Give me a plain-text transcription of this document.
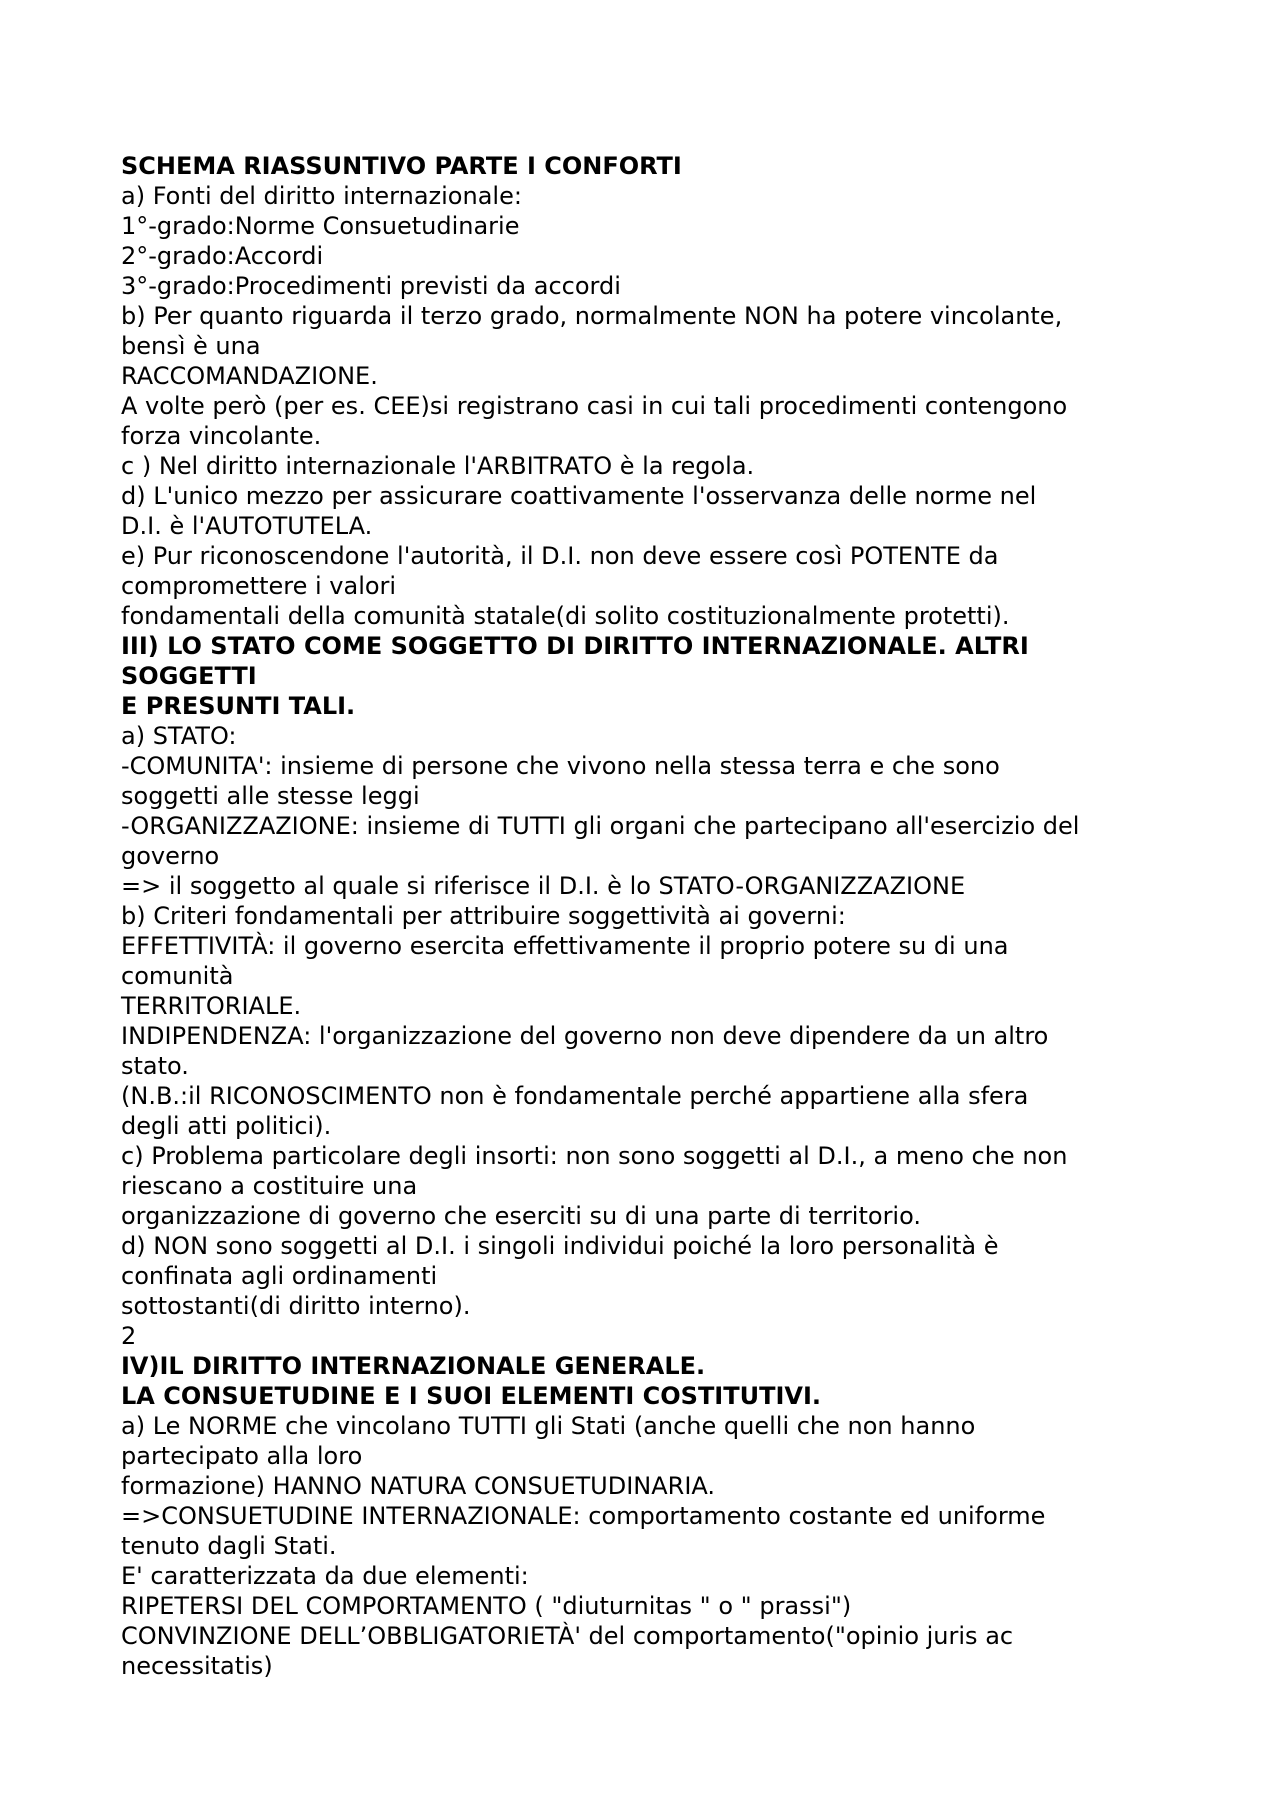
SCHEMA RIASSUNTIVO PARTE I CONFORTI
a) Fonti del diritto internazionale:
1°-grado:Norme Consuetudinarie
2°-grado:Accordi
3°-grado:Procedimenti previsti da accordi
b) Per quanto riguarda il terzo grado, normalmente NON ha potere vincolante,
bensì è una
RACCOMANDAZIONE.
A volte però (per es. CEE)si registrano casi in cui tali procedimenti contengono
forza vincolante.
c ) Nel diritto internazionale l'ARBITRATO è la regola.
d) L'unico mezzo per assicurare coattivamente l'osservanza delle norme nel
D.I. è l'AUTOTUTELA.
e) Pur riconoscendone l'autorità, il D.I. non deve essere così POTENTE da
compromettere i valori
fondamentali della comunità statale(di solito costituzionalmente protetti).
III) LO STATO COME SOGGETTO DI DIRITTO INTERNAZIONALE. ALTRI
SOGGETTI
E PRESUNTI TALI.
a) STATO:
-COMUNITA': insieme di persone che vivono nella stessa terra e che sono
soggetti alle stesse leggi
-ORGANIZZAZIONE: insieme di TUTTI gli organi che partecipano all'esercizio del
governo
=> il soggetto al quale si riferisce il D.I. è lo STATO-ORGANIZZAZIONE
b) Criteri fondamentali per attribuire soggettività ai governi:
EFFETTIVITÀ: il governo esercita effettivamente il proprio potere su di una
comunità
TERRITORIALE.
INDIPENDENZA: l'organizzazione del governo non deve dipendere da un altro
stato.
(N.B.:il RICONOSCIMENTO non è fondamentale perché appartiene alla sfera
degli atti politici).
c) Problema particolare degli insorti: non sono soggetti al D.I., a meno che non
riescano a costituire una
organizzazione di governo che eserciti su di una parte di territorio.
d) NON sono soggetti al D.I. i singoli individui poiché la loro personalità è
confinata agli ordinamenti
sottostanti(di diritto interno).
2
IV)IL DIRITTO INTERNAZIONALE GENERALE.
LA CONSUETUDINE E I SUOI ELEMENTI COSTITUTIVI.
a) Le NORME che vincolano TUTTI gli Stati (anche quelli che non hanno
partecipato alla loro
formazione) HANNO NATURA CONSUETUDINARIA.
=>CONSUETUDINE INTERNAZIONALE: comportamento costante ed uniforme
tenuto dagli Stati.
E' caratterizzata da due elementi:
RIPETERSI DEL COMPORTAMENTO ( "diuturnitas " o " prassi")
CONVINZIONE DELL’OBBLIGATORIETÀ' del comportamento("opinio juris ac
necessitatis)
